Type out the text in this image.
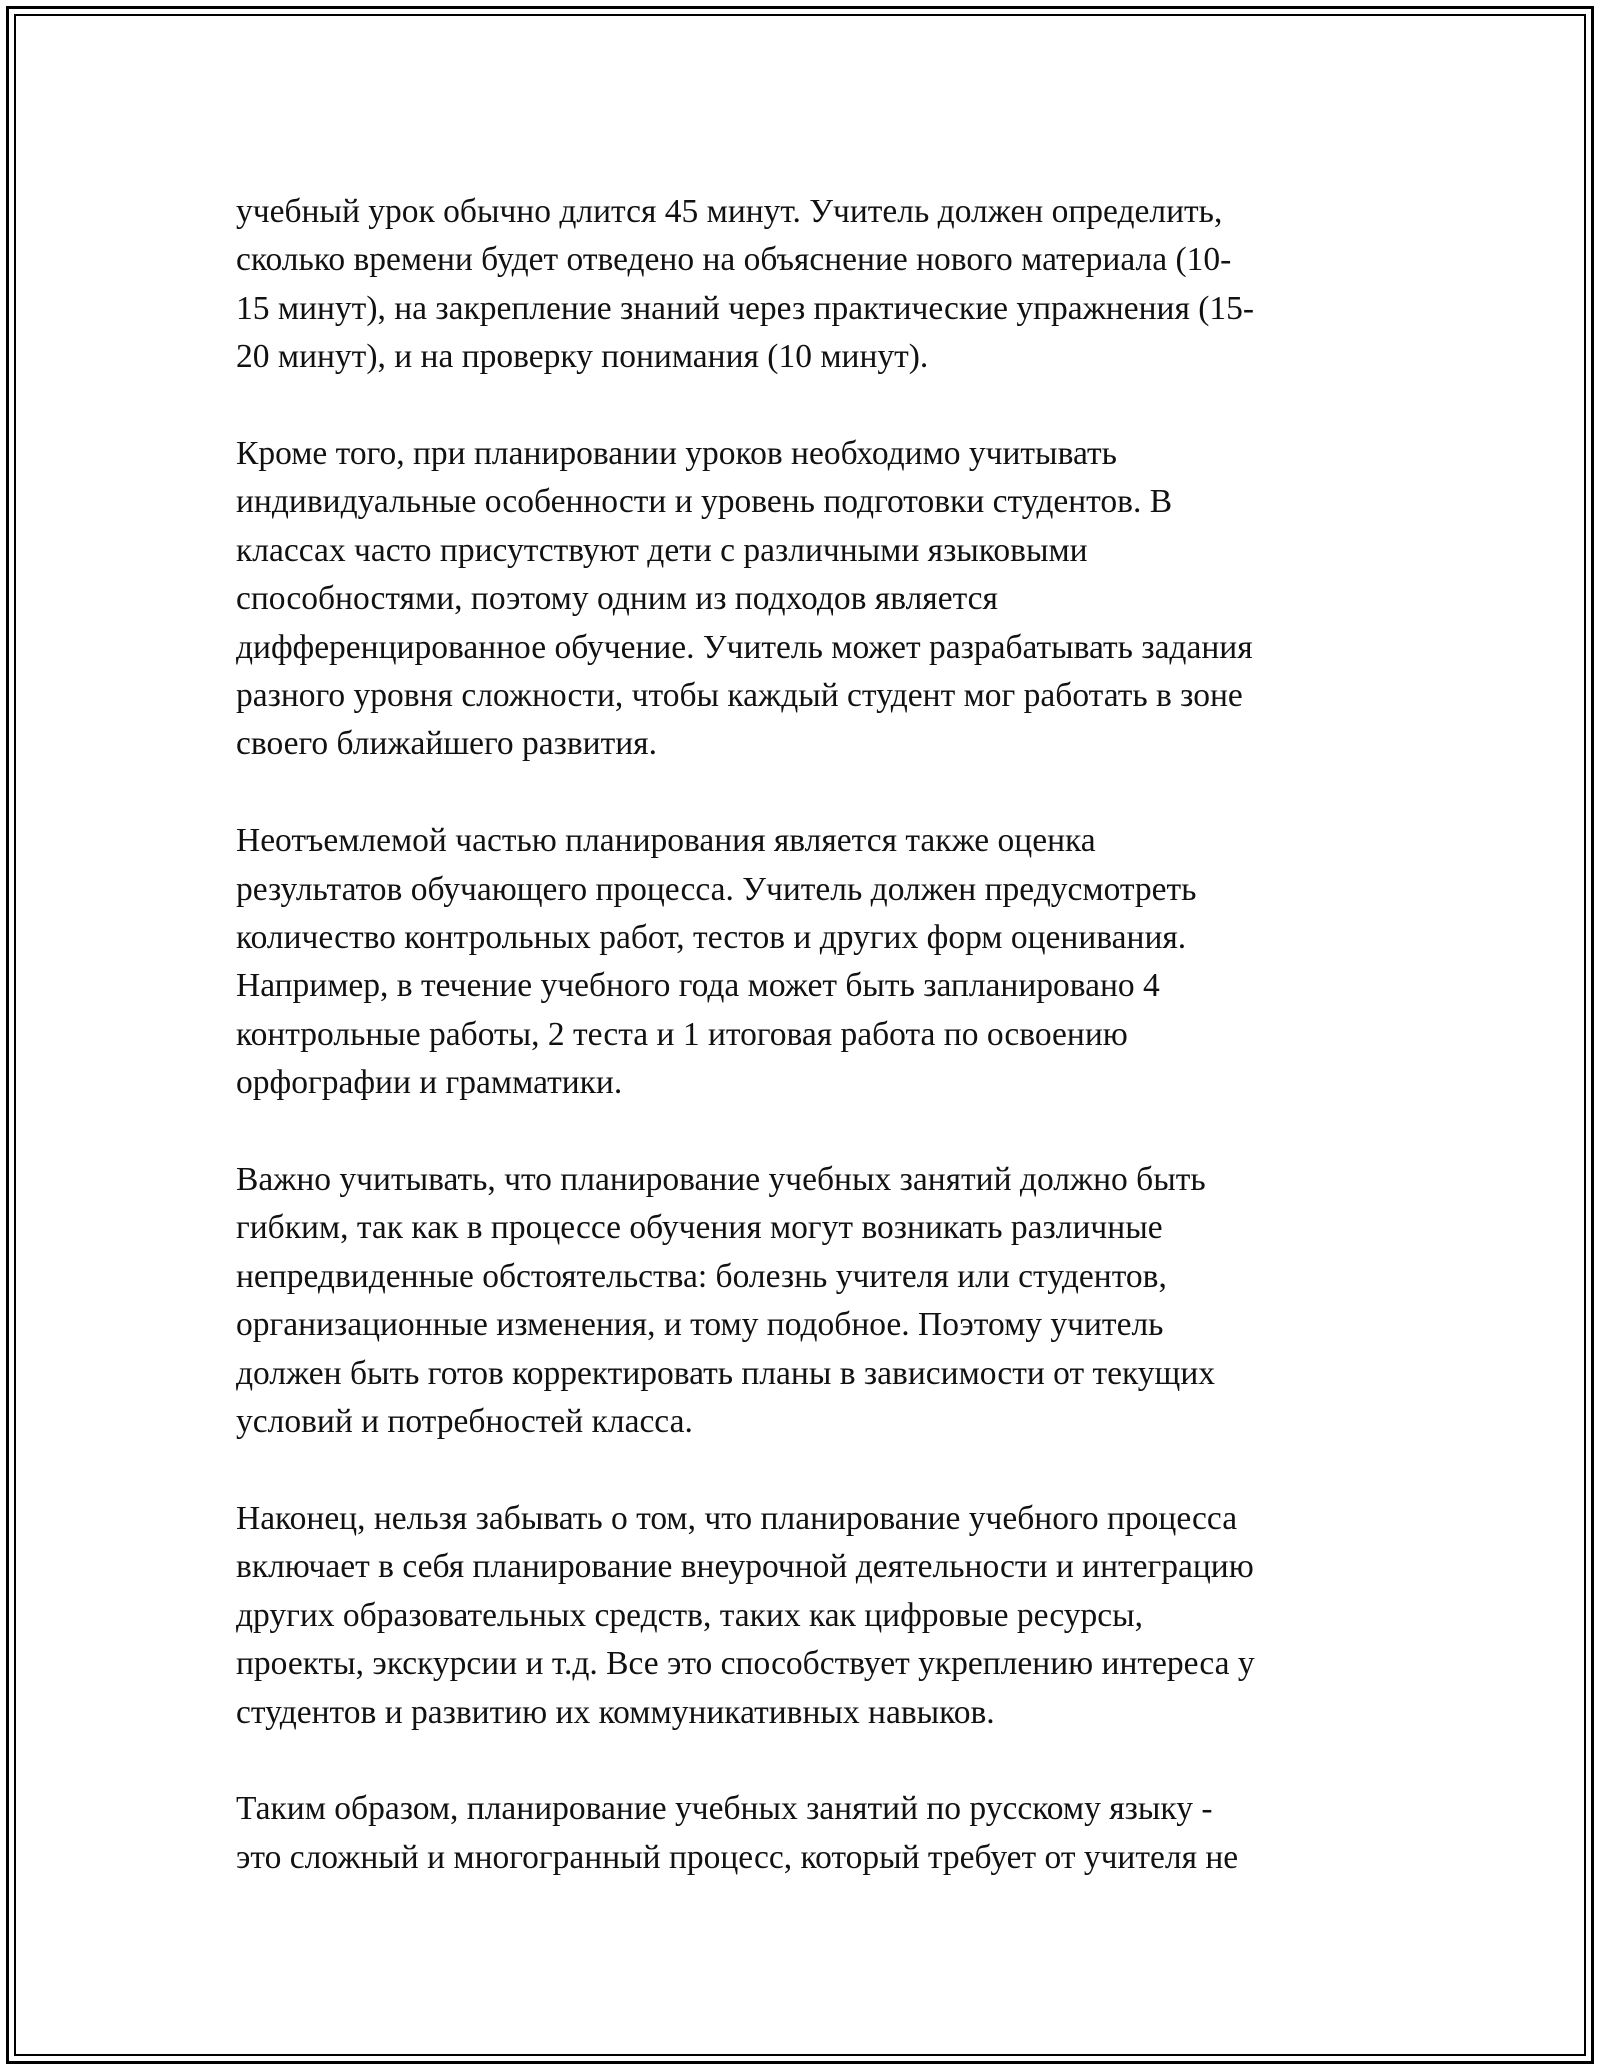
учебный урок обычно длится 45 минут. Учитель должен определить,
сколько времени будет отведено на объяснение нового материала (10-
15 минут), на закрепление знаний через практические упражнения (15-
20 минут), и на проверку понимания (10 минут).

Кроме того, при планировании уроков необходимо учитывать
индивидуальные особенности и уровень подготовки студентов. В
классах часто присутствуют дети с различными языковыми
способностями, поэтому одним из подходов является
дифференцированное обучение. Учитель может разрабатывать задания
разного уровня сложности, чтобы каждый студент мог работать в зоне
своего ближайшего развития.

Неотъемлемой частью планирования является также оценка
результатов обучающего процесса. Учитель должен предусмотреть
количество контрольных работ, тестов и других форм оценивания.
Например, в течение учебного года может быть запланировано 4
контрольные работы, 2 теста и 1 итоговая работа по освоению
орфографии и грамматики.

Важно учитывать, что планирование учебных занятий должно быть
гибким, так как в процессе обучения могут возникать различные
непредвиденные обстоятельства: болезнь учителя или студентов,
организационные изменения, и тому подобное. Поэтому учитель
должен быть готов корректировать планы в зависимости от текущих
условий и потребностей класса.

Наконец, нельзя забывать о том, что планирование учебного процесса
включает в себя планирование внеурочной деятельности и интеграцию
других образовательных средств, таких как цифровые ресурсы,
проекты, экскурсии и т.д. Все это способствует укреплению интереса у
студентов и развитию их коммуникативных навыков.

Таким образом, планирование учебных занятий по русскому языку -
это сложный и многогранный процесс, который требует от учителя не
